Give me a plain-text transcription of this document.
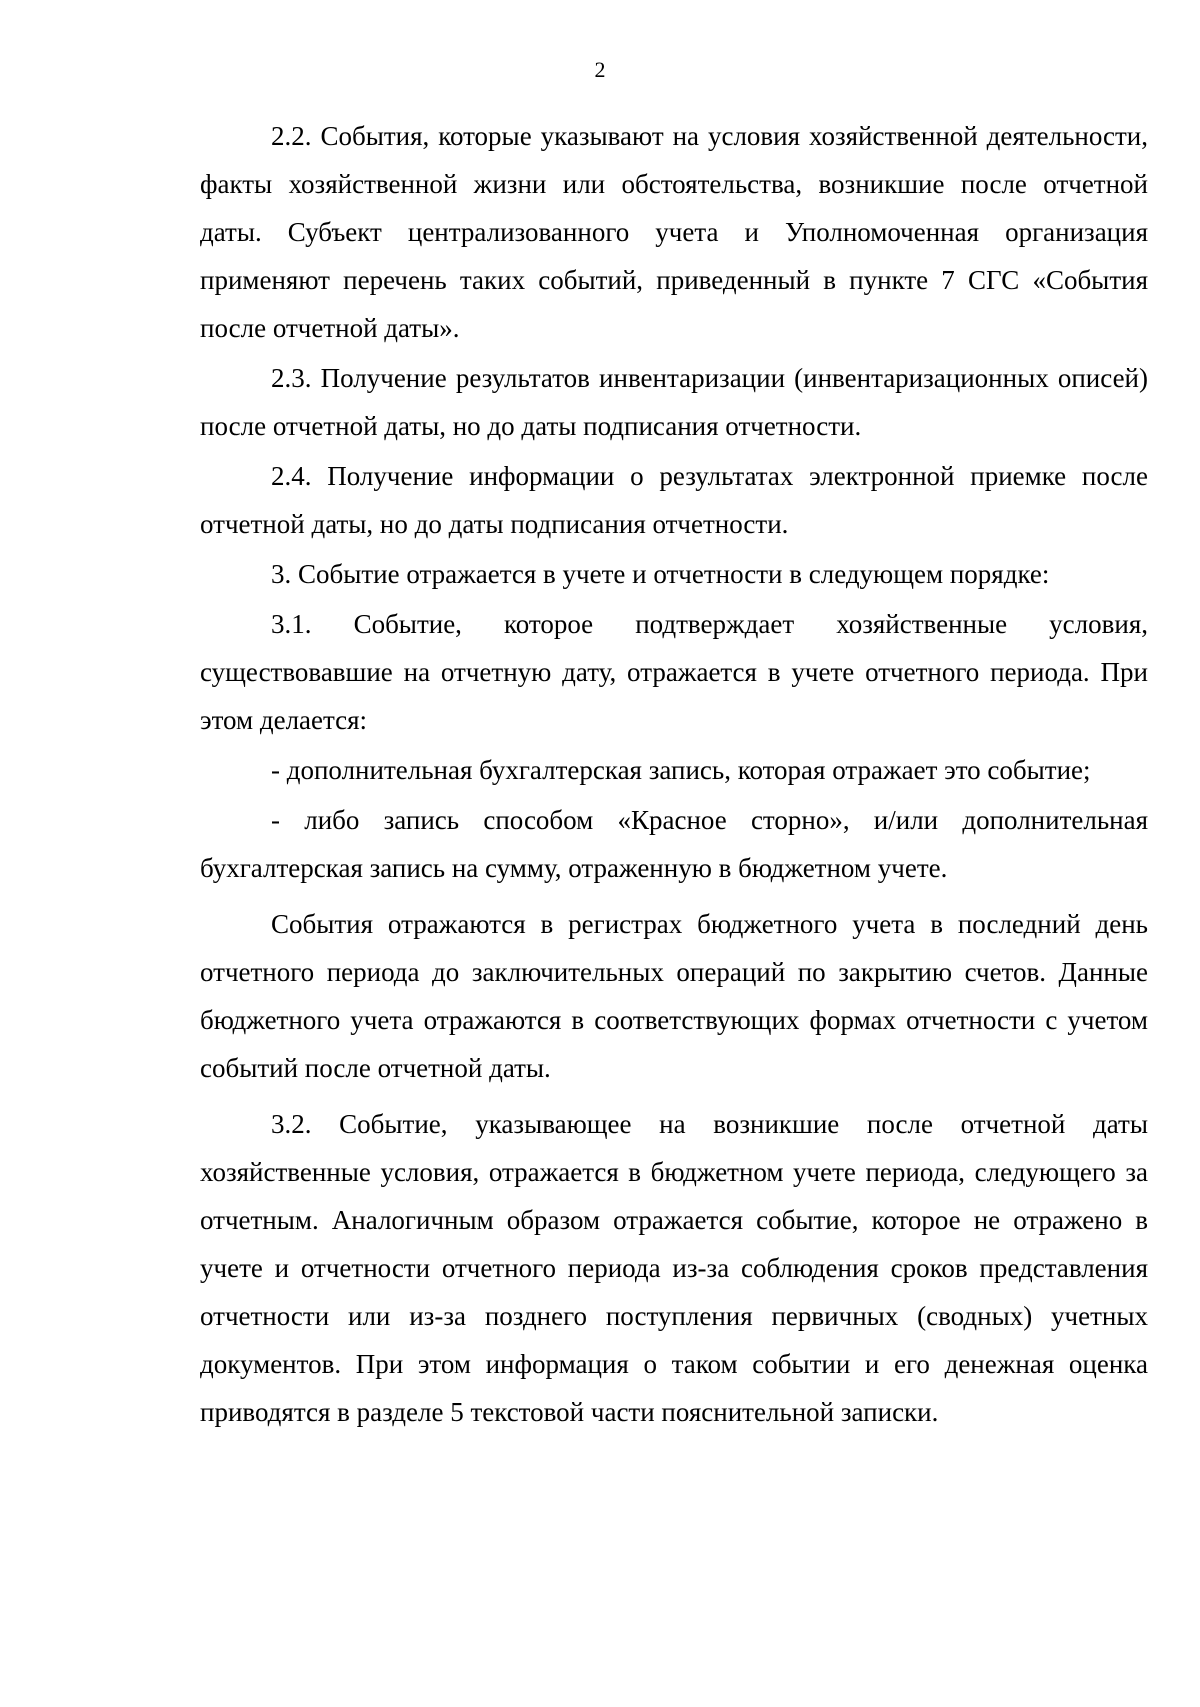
2

2.2. События, которые указывают на условия хозяйственной деятельности, факты хозяйственной жизни или обстоятельства, возникшие после отчетной даты. Субъект централизованного учета и Уполномоченная организация применяют перечень таких событий, приведенный в пункте 7 СГС «События после отчетной даты».

2.3. Получение результатов инвентаризации (инвентаризационных описей) после отчетной даты, но до даты подписания отчетности.

2.4. Получение информации о результатах электронной приемке после отчетной даты, но до даты подписания отчетности.

3. Событие отражается в учете и отчетности в следующем порядке:

3.1. Событие, которое подтверждает хозяйственные условия, существовавшие на отчетную дату, отражается в учете отчетного периода. При этом делается:

- дополнительная бухгалтерская запись, которая отражает это событие;

- либо запись способом «Красное сторно», и/или дополнительная бухгалтерская запись на сумму, отраженную в бюджетном учете.

События отражаются в регистрах бюджетного учета в последний день отчетного периода до заключительных операций по закрытию счетов. Данные бюджетного учета отражаются в соответствующих формах отчетности с учетом событий после отчетной даты.

3.2. Событие, указывающее на возникшие после отчетной даты хозяйственные условия, отражается в бюджетном учете периода, следующего за отчетным. Аналогичным образом отражается событие, которое не отражено в учете и отчетности отчетного периода из-за соблюдения сроков представления отчетности или из-за позднего поступления первичных (сводных) учетных документов. При этом информация о таком событии и его денежная оценка приводятся в разделе 5 текстовой части пояснительной записки.
